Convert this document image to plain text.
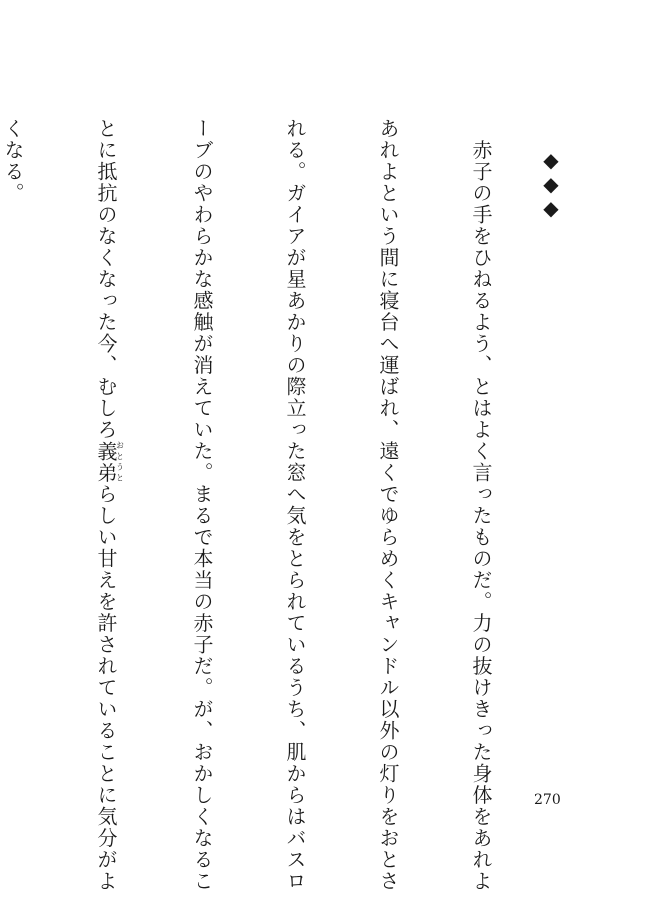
◆◆◆

　赤子の手をひねるよう、とはよく言ったものだ。力の抜けきった身体をあれよ

あれよという間に寝台へ運ばれ、遠くでゆらめくキャンドル以外の灯りをおとさ

れる。ガイアが星あかりの際立った窓へ気をとられているうち、肌からはバスロ

ーブのやわらかな感触が消えていた。まるで本当の赤子だ。が、おかしくなるこ

とに抵抗のなくなった今、むしろ義弟おとうとらしい甘えを許されていることに気分がよ

くなる。

270
